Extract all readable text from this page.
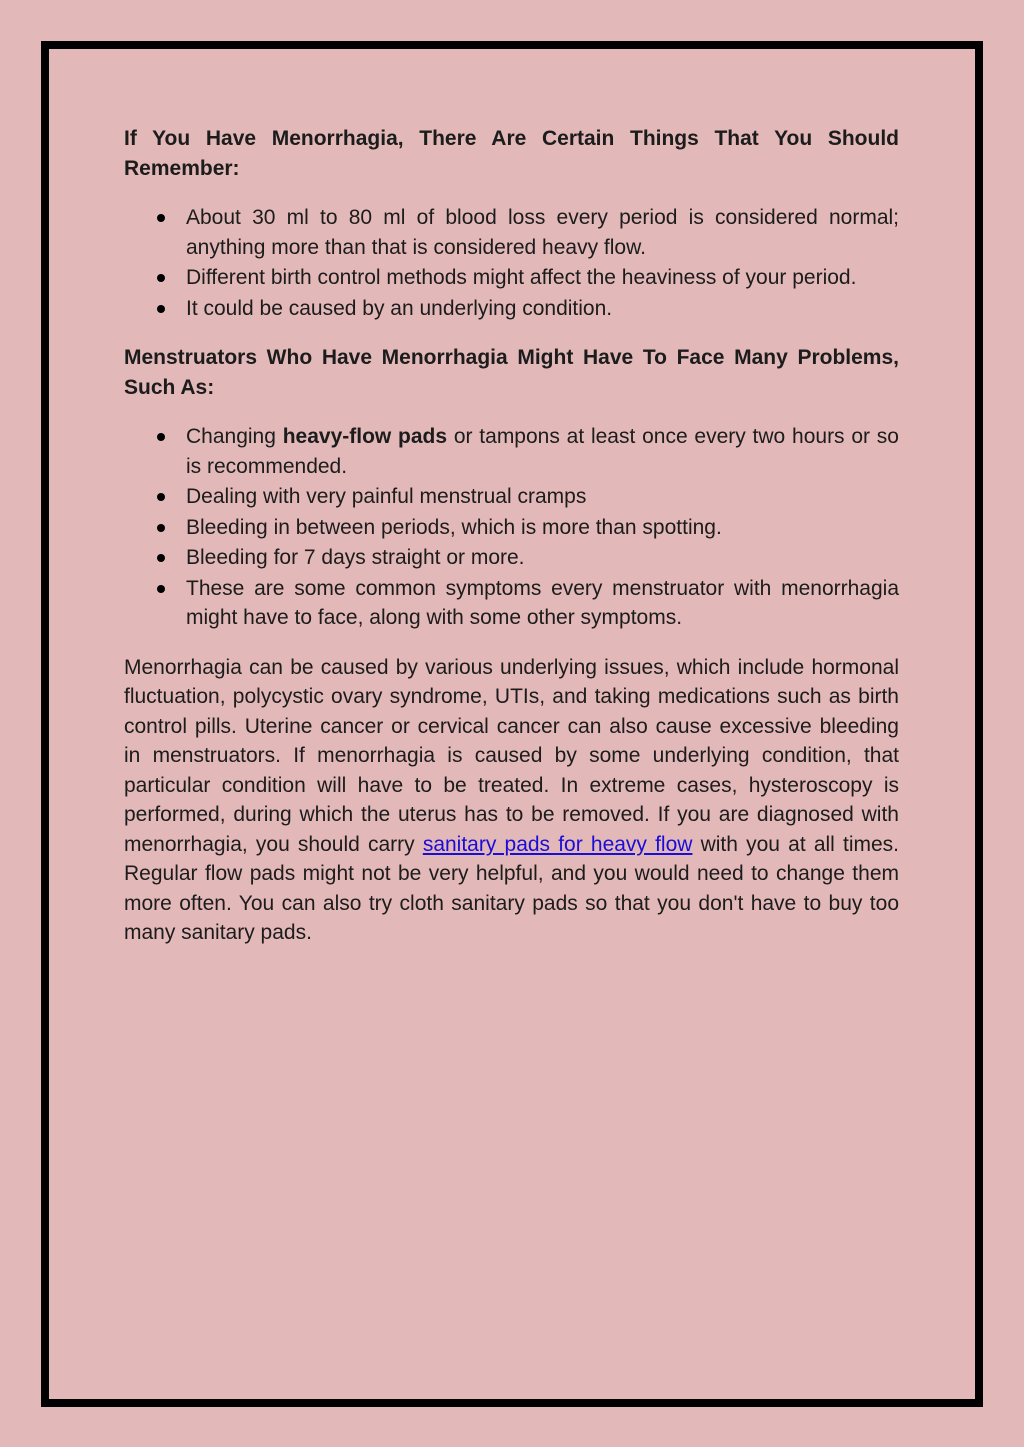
If You Have Menorrhagia, There Are Certain Things That You Should Remember:

About 30 ml to 80 ml of blood loss every period is considered normal; anything more than that is considered heavy flow.
Different birth control methods might affect the heaviness of your period.
It could be caused by an underlying condition.

Menstruators Who Have Menorrhagia Might Have To Face Many Problems, Such As:

Changing heavy-flow pads or tampons at least once every two hours or so is recommended.
Dealing with very painful menstrual cramps
Bleeding in between periods, which is more than spotting.
Bleeding for 7 days straight or more.
These are some common symptoms every menstruator with menorrhagia might have to face, along with some other symptoms.

Menorrhagia can be caused by various underlying issues, which include hormonal fluctuation, polycystic ovary syndrome, UTIs, and taking medications such as birth control pills. Uterine cancer or cervical cancer can also cause excessive bleeding in menstruators. If menorrhagia is caused by some underlying condition, that particular condition will have to be treated. In extreme cases, hysteroscopy is performed, during which the uterus has to be removed. If you are diagnosed with menorrhagia, you should carry sanitary pads for heavy flow with you at all times. Regular flow pads might not be very helpful, and you would need to change them more often. You can also try cloth sanitary pads so that you don't have to buy too many sanitary pads.
